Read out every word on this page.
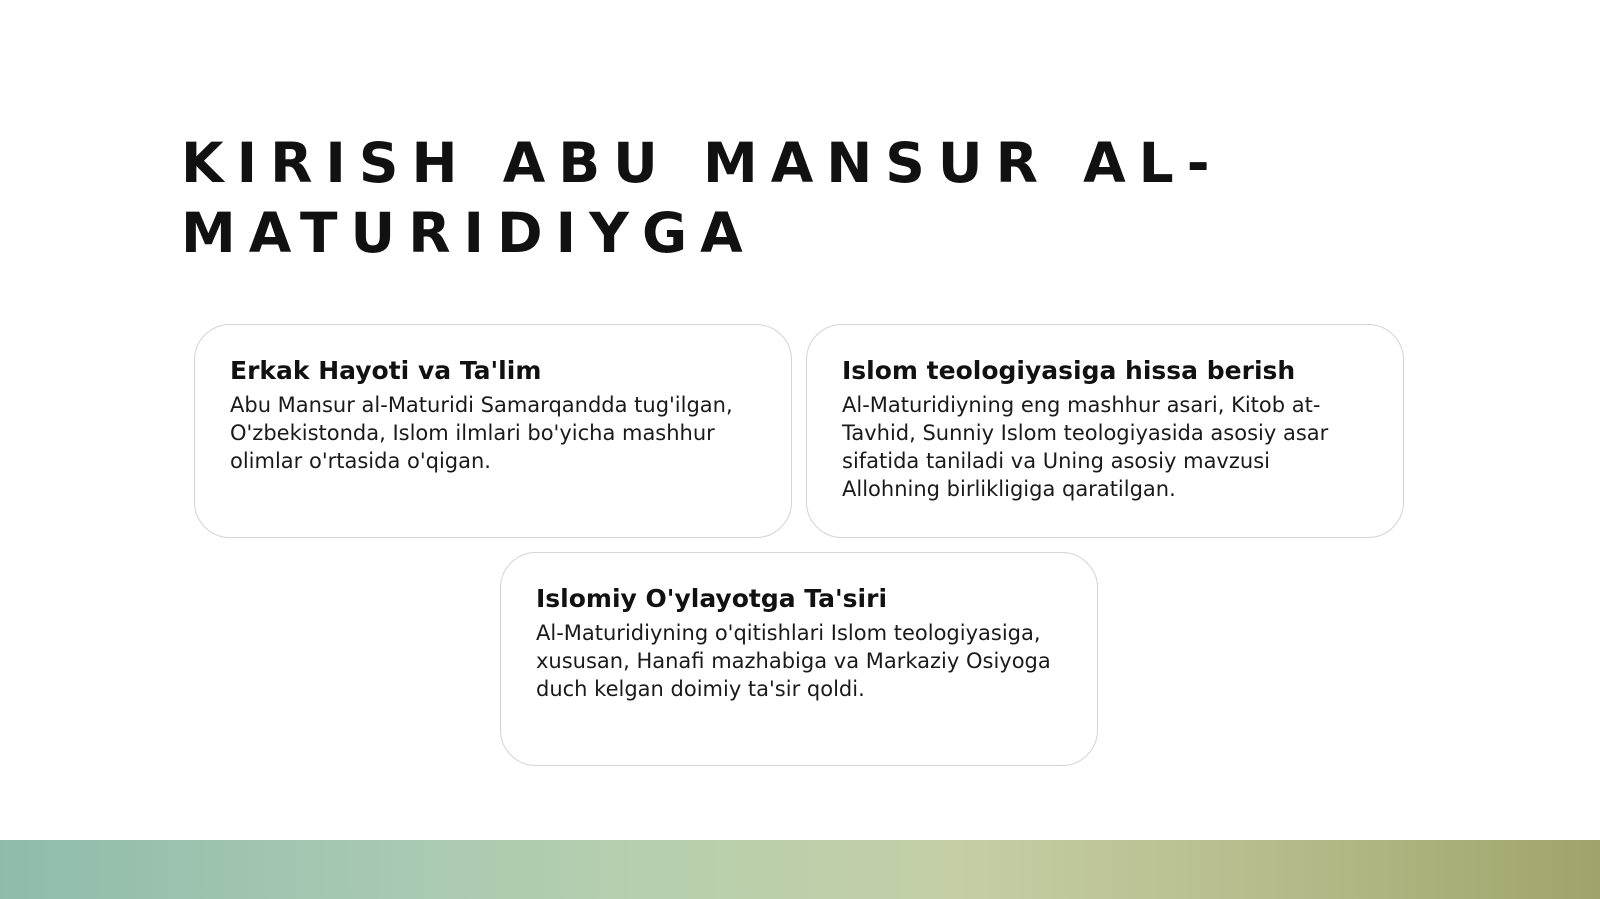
KIRISH ABU MANSUR AL-
MATURIDIYGA
Erkak Hayoti va Ta'lim

Abu Mansur al-Maturidi Samarqandda tug'ilgan, O'zbekistonda, Islom ilmlari bo'yicha mashhur olimlar o'rtasida o'qigan.

Islom teologiyasiga hissa berish

Al-Maturidiyning eng mashhur asari, Kitob at-Tavhid, Sunniy Islom teologiyasida asosiy asar sifatida taniladi va Uning asosiy mavzusi Allohning birlikligiga qaratilgan.

Islomiy O'ylayotga Ta'siri

Al-Maturidiyning o'qitishlari Islom teologiyasiga, xususan, Hanafi mazhabiga va Markaziy Osiyoga duch kelgan doimiy ta'sir qoldi.
